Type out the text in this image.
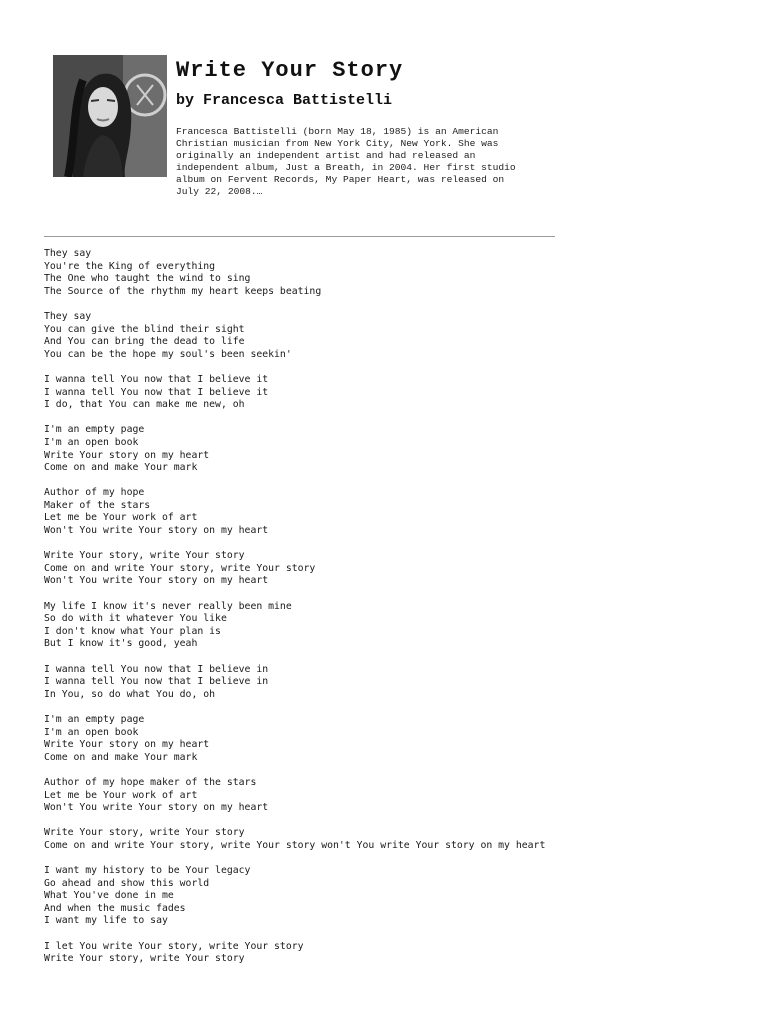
Write Your Story
by Francesca Battistelli

Francesca Battistelli (born May 18, 1985) is an American
Christian musician from New York City, New York. She was
originally an independent artist and had released an
independent album, Just a Breath, in 2004. Her first studio
album on Fervent Records, My Paper Heart, was released on
July 22, 2008.…

They say
You're the King of everything
The One who taught the wind to sing
The Source of the rhythm my heart keeps beating
They say
You can give the blind their sight
And You can bring the dead to life
You can be the hope my soul's been seekin'
I wanna tell You now that I believe it
I wanna tell You now that I believe it
I do, that You can make me new, oh
I'm an empty page
I'm an open book
Write Your story on my heart
Come on and make Your mark
Author of my hope
Maker of the stars
Let me be Your work of art
Won't You write Your story on my heart
Write Your story, write Your story
Come on and write Your story, write Your story
Won't You write Your story on my heart
My life I know it's never really been mine
So do with it whatever You like
I don't know what Your plan is
But I know it's good, yeah
I wanna tell You now that I believe in
I wanna tell You now that I believe in
In You, so do what You do, oh
I'm an empty page
I'm an open book
Write Your story on my heart
Come on and make Your mark
Author of my hope maker of the stars
Let me be Your work of art
Won't You write Your story on my heart
Write Your story, write Your story
Come on and write Your story, write Your story won't You write Your story on my heart
I want my history to be Your legacy
Go ahead and show this world
What You've done in me
And when the music fades
I want my life to say
I let You write Your story, write Your story
Write Your story, write Your story
